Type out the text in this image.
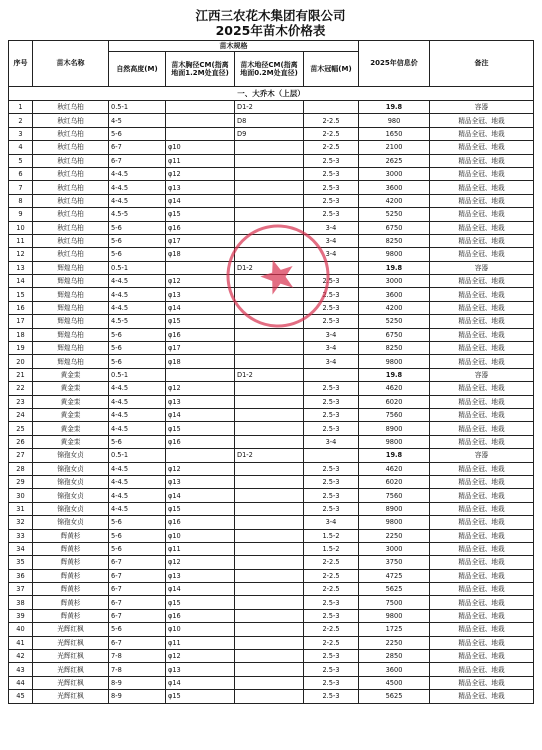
江西三农花木集团有限公司
2025年苗木价格表
序号	苗木名称	苗木规格				2025年信息价	备注
		自然高度(M)	苗木胸径CM(指离地面1.2M处直径)	苗木地径CM(指离地面0.2M处直径)	苗木冠幅(M)		
一、大乔木（上层）							
1	秋红乌桕	0.5-1		D1-2		19.8	容器
2	秋红乌桕	4-5		D8	2-2.5	980	精品全冠、地栽
3	秋红乌桕	5-6		D9	2-2.5	1650	精品全冠、地栽
4	秋红乌桕	6-7	φ10		2-2.5	2100	精品全冠、地栽
5	秋红乌桕	6-7	φ11		2.5-3	2625	精品全冠、地栽
6	秋红乌桕	4-4.5	φ12		2.5-3	3000	精品全冠、地栽
7	秋红乌桕	4-4.5	φ13		2.5-3	3600	精品全冠、地栽
8	秋红乌桕	4-4.5	φ14		2.5-3	4200	精品全冠、地栽
9	秋红乌桕	4.5-5	φ15		2.5-3	5250	精品全冠、地栽
10	秋红乌桕	5-6	φ16		3-4	6750	精品全冠、地栽
11	秋红乌桕	5-6	φ17		3-4	8250	精品全冠、地栽
12	秋红乌桕	5-6	φ18		3-4	9800	精品全冠、地栽
13	辉煌乌桕	0.5-1		D1-2		19.8	容器
14	辉煌乌桕	4-4.5	φ12		2.5-3	3000	精品全冠、地栽
15	辉煌乌桕	4-4.5	φ13		2.5-3	3600	精品全冠、地栽
16	辉煌乌桕	4-4.5	φ14		2.5-3	4200	精品全冠、地栽
17	辉煌乌桕	4.5-5	φ15		2.5-3	5250	精品全冠、地栽
18	辉煌乌桕	5-6	φ16		3-4	6750	精品全冠、地栽
19	辉煌乌桕	5-6	φ17		3-4	8250	精品全冠、地栽
20	辉煌乌桕	5-6	φ18		3-4	9800	精品全冠、地栽
21	黄金栾	0.5-1		D1-2		19.8	容器
22	黄金栾	4-4.5	φ12		2.5-3	4620	精品全冠、地栽
23	黄金栾	4-4.5	φ13		2.5-3	6020	精品全冠、地栽
24	黄金栾	4-4.5	φ14		2.5-3	7560	精品全冠、地栽
25	黄金栾	4-4.5	φ15		2.5-3	8900	精品全冠、地栽
26	黄金栾	5-6	φ16		3-4	9800	精品全冠、地栽
27	锦孢女贞	0.5-1		D1-2		19.8	容器
28	锦孢女贞	4-4.5	φ12		2.5-3	4620	精品全冠、地栽
29	锦孢女贞	4-4.5	φ13		2.5-3	6020	精品全冠、地栽
30	锦孢女贞	4-4.5	φ14		2.5-3	7560	精品全冠、地栽
31	锦孢女贞	4-4.5	φ15		2.5-3	8900	精品全冠、地栽
32	锦孢女贞	5-6	φ16		3-4	9800	精品全冠、地栽
33	辉黄杉	5-6	φ10		1.5-2	2250	精品全冠、地栽
34	辉黄杉	5-6	φ11		1.5-2	3000	精品全冠、地栽
35	辉黄杉	6-7	φ12		2-2.5	3750	精品全冠、地栽
36	辉黄杉	6-7	φ13		2-2.5	4725	精品全冠、地栽
37	辉黄杉	6-7	φ14		2-2.5	5625	精品全冠、地栽
38	辉黄杉	6-7	φ15		2.5-3	7500	精品全冠、地栽
39	辉黄杉	6-7	φ16		2.5-3	9800	精品全冠、地栽
40	光辉红枫	5-6	φ10		2-2.5	1725	精品全冠、地栽
41	光辉红枫	6-7	φ11		2-2.5	2250	精品全冠、地栽
42	光辉红枫	7-8	φ12		2.5-3	2850	精品全冠、地栽
43	光辉红枫	7-8	φ13		2.5-3	3600	精品全冠、地栽
44	光辉红枫	8-9	φ14		2.5-3	4500	精品全冠、地栽
45	光辉红枫	8-9	φ15		2.5-3	5625	精品全冠、地栽
